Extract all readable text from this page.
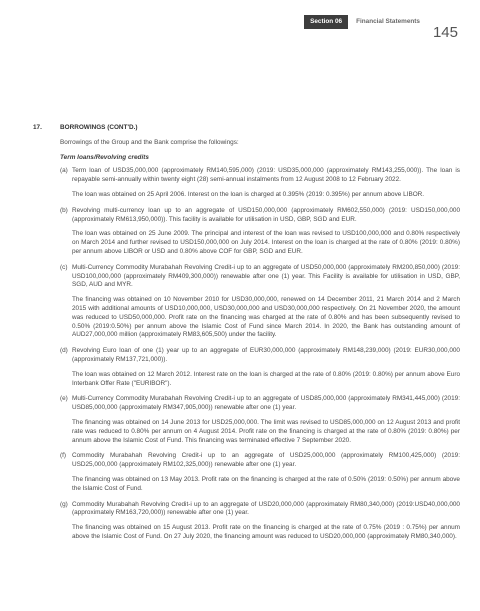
Section 06	Financial Statements
145
17.	BORROWINGS (CONT'D.)

Borrowings of the Group and the Bank comprise the followings:

Term loans/Revolving credits

(a) Term loan of USD35,000,000 (approximately RM140,595,000) (2019: USD35,000,000 (approximately RM143,255,000)). The loan is repayable semi-annually within twenty eight (28) semi-annual instalments from 12 August 2008 to 12 February 2022.

The loan was obtained on 25 April 2006. Interest on the loan is charged at 0.395% (2019: 0.395%) per annum above LIBOR.

(b) Revolving multi-currency loan up to an aggregate of USD150,000,000 (approximately RM602,550,000) (2019: USD150,000,000 (approximately RM613,950,000)). This facility is available for utilisation in USD, GBP, SGD and EUR.

The loan was obtained on 25 June 2009. The principal and interest of the loan was revised to USD100,000,000 and 0.80% respectively on March 2014 and further revised to USD150,000,000 on July 2014. Interest on the loan is charged at the rate of 0.80% (2019: 0.80%) per annum above LIBOR or USD and 0.80% above COF for GBP, SGD and EUR.

(c) Multi-Currency Commodity Murabahah Revolving Credit-i up to an aggregate of USD50,000,000 (approximately RM200,850,000) (2019: USD100,000,000 (approximately RM409,300,000)) renewable after one (1) year. This Facility is available for utilisation in USD, GBP, SGD, AUD and MYR.

The financing was obtained on 10 November 2010 for USD30,000,000, renewed on 14 December 2011, 21 March 2014 and 2 March 2015 with additional amounts of USD10,000,000, USD30,000,000 and USD30,000,000 respectively. On 21 November 2020, the amount was reduced to USD50,000,000. Profit rate on the financing was charged at the rate of 0.80% and has been subsequently revised to 0.50% (2019:0.50%) per annum above the Islamic Cost of Fund since March 2014. In 2020, the Bank has outstanding amount of AUD27,000,000 million (approximately RM83,605,500) under the facility.

(d) Revolving Euro loan of one (1) year up to an aggregate of EUR30,000,000 (approximately RM148,239,000) (2019: EUR30,000,000 (approximately RM137,721,000)).

The loan was obtained on 12 March 2012. Interest rate on the loan is charged at the rate of 0.80% (2019: 0.80%) per annum above Euro Interbank Offer Rate ("EURIBOR").

(e) Multi-Currency Commodity Murabahah Revolving Credit-i up to an aggregate of USD85,000,000 (approximately RM341,445,000) (2019: USD85,000,000 (approximately RM347,905,000)) renewable after one (1) year.

The financing was obtained on 14 June 2013 for USD25,000,000. The limit was revised to USD85,000,000 on 12 August 2013 and profit rate was reduced to 0.80% per annum on 4 August 2014. Profit rate on the financing is charged at the rate of 0.80% (2019: 0.80%) per annum above the Islamic Cost of Fund. This financing was terminated effective 7 September 2020.

(f) Commodity Murabahah Revolving Credit-i up to an aggregate of USD25,000,000 (approximately RM100,425,000) (2019: USD25,000,000 (approximately RM102,325,000)) renewable after one (1) year.

The financing was obtained on 13 May 2013. Profit rate on the financing is charged at the rate of 0.50% (2019: 0.50%) per annum above the Islamic Cost of Fund.

(g) Commodity Murabahah Revolving Credit-i up to an aggregate of USD20,000,000 (approximately RM80,340,000) (2019:USD40,000,000 (approximately RM163,720,000)) renewable after one (1) year.

The financing was obtained on 15 August 2013. Profit rate on the financing is charged at the rate of 0.75% (2019 : 0.75%) per annum above the Islamic Cost of Fund. On 27 July 2020, the financing amount was reduced to USD20,000,000 (approximately RM80,340,000).
